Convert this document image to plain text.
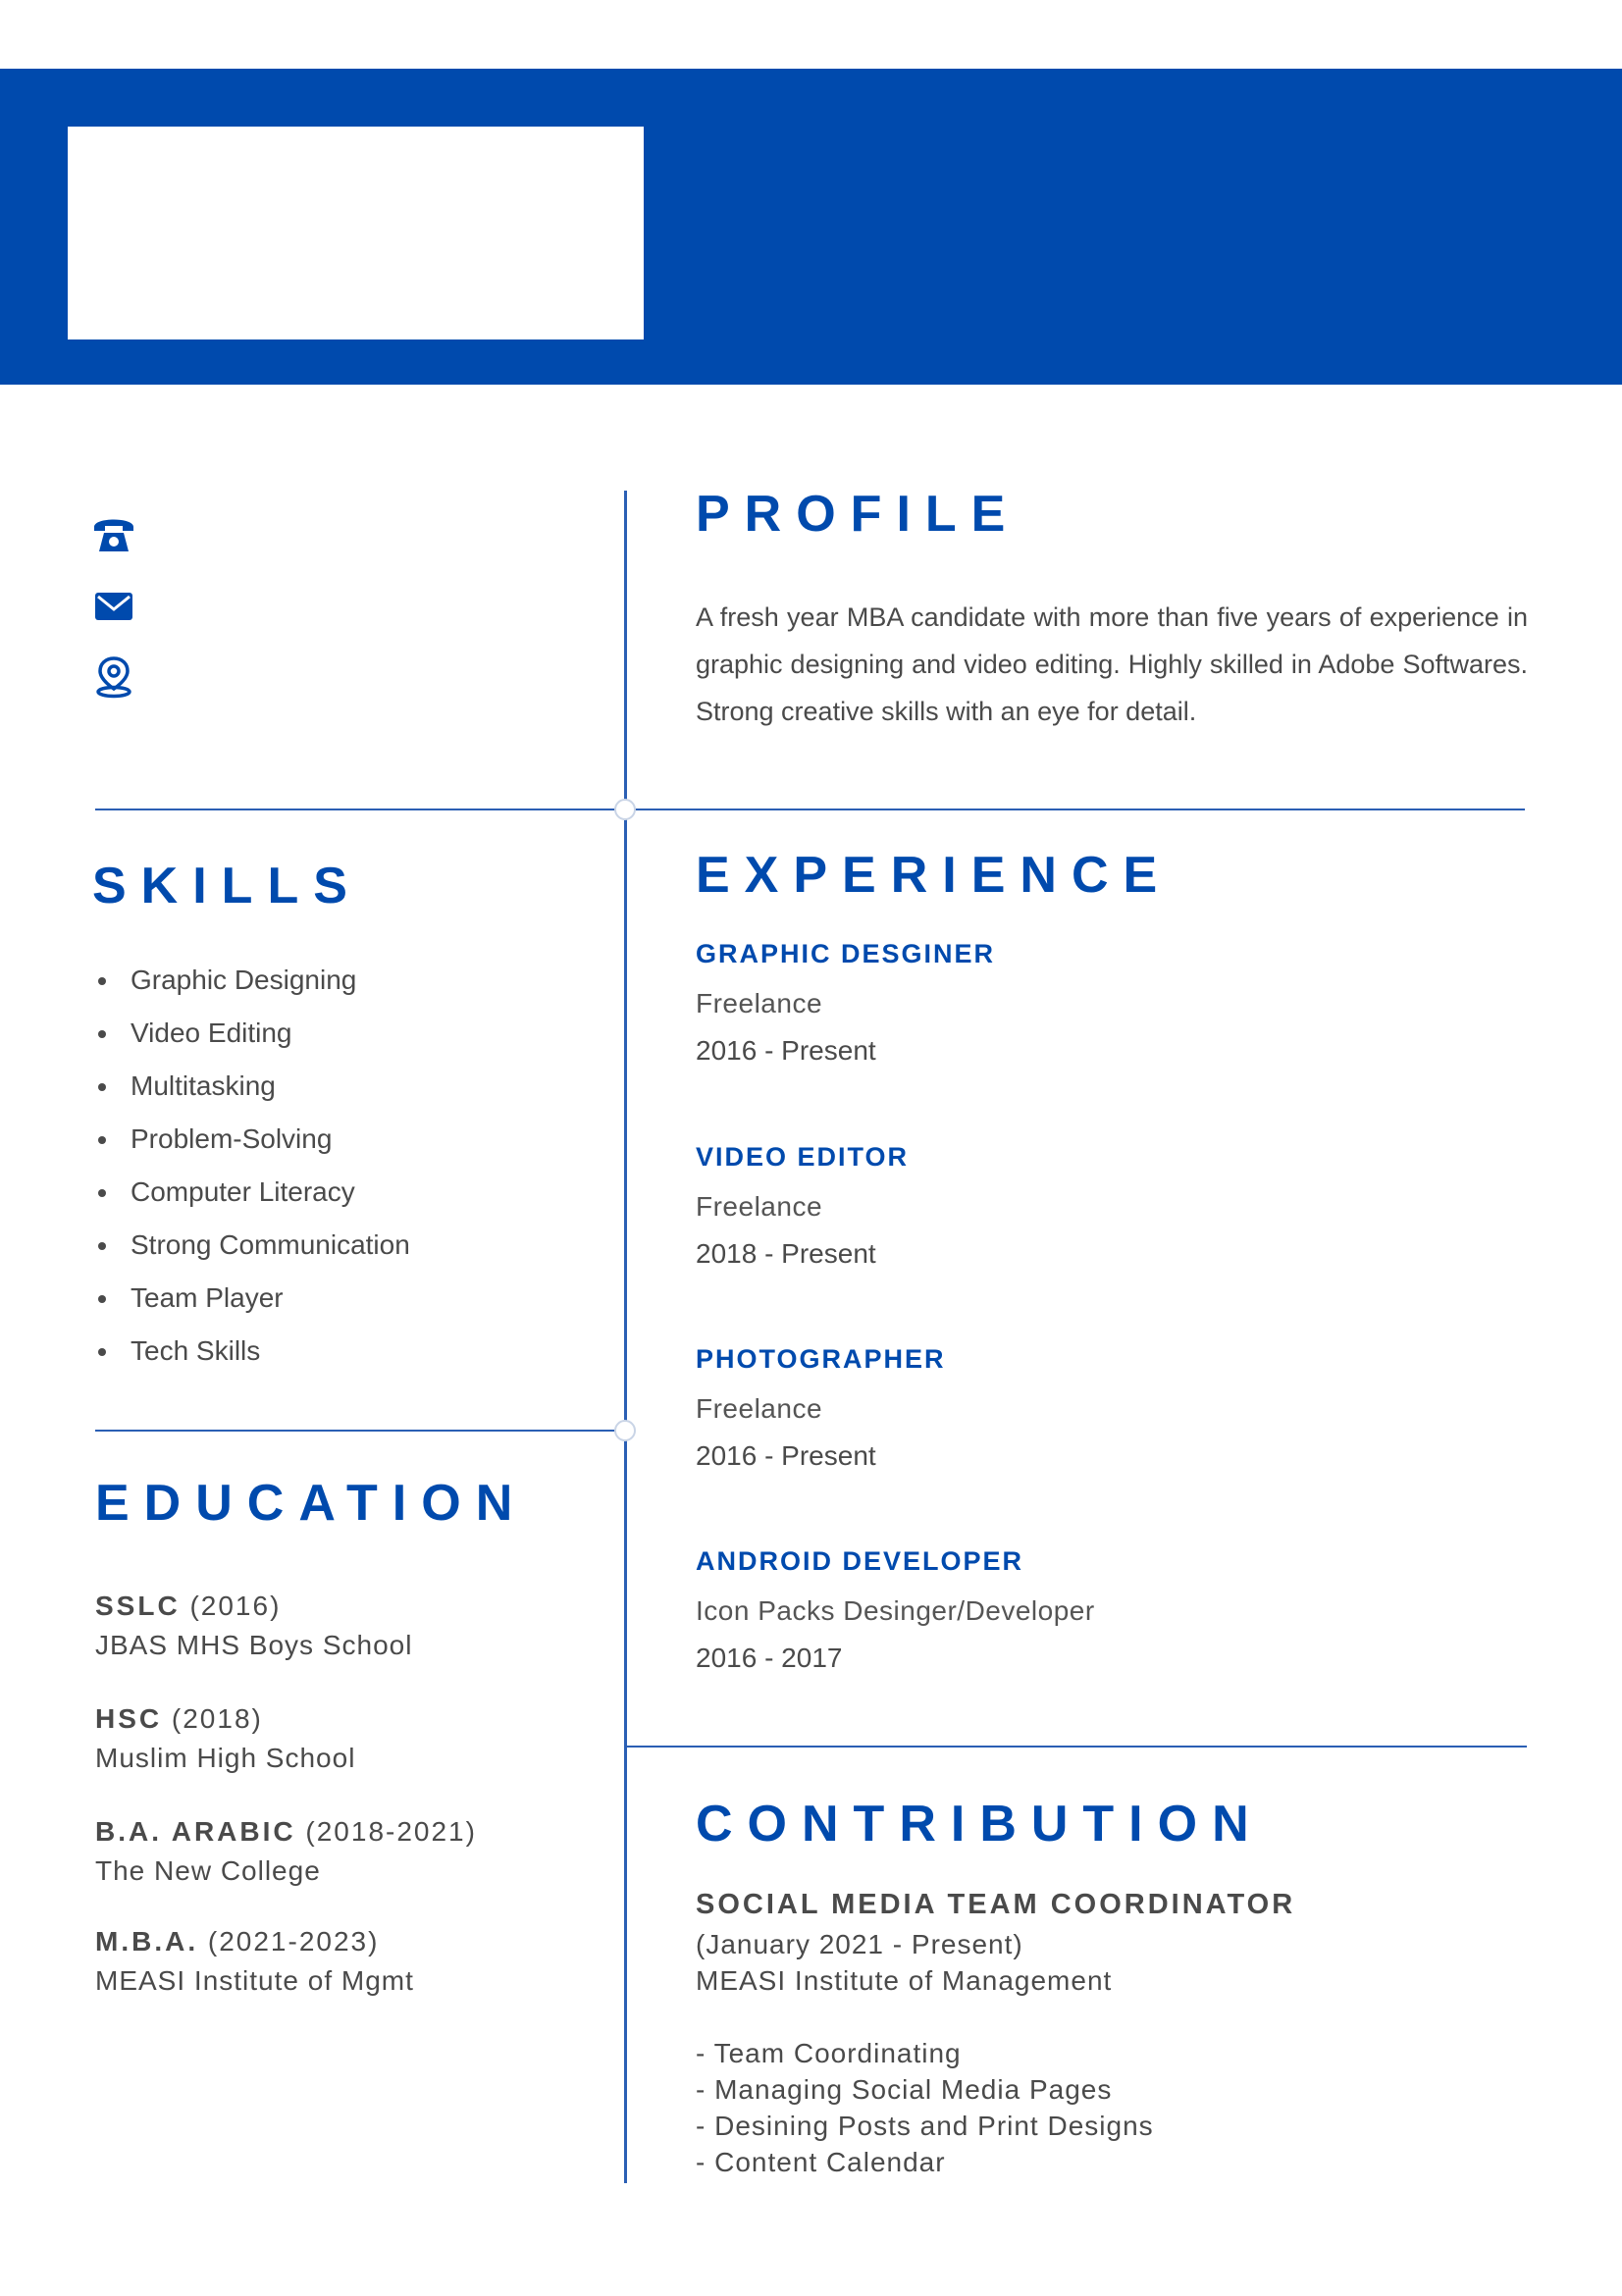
PROFILE
A fresh year MBA candidate with more than five years of experience in graphic designing and video editing. Highly skilled in Adobe Softwares. Strong creative skills with an eye for detail.
SKILLS
Graphic Designing
Video Editing
Multitasking
Problem-Solving
Computer Literacy
Strong Communication
Team Player
Tech Skills
EDUCATION
SSLC (2016)
JBAS MHS Boys School
HSC (2018)
Muslim High School
B.A. ARABIC (2018-2021)
The New College
M.B.A. (2021-2023)
MEASI Institute of Mgmt
EXPERIENCE
GRAPHIC DESGINER
Freelance
2016 - Present
VIDEO EDITOR
Freelance
2018 - Present
PHOTOGRAPHER
Freelance
2016 - Present
ANDROID DEVELOPER
Icon Packs Desinger/Developer
2016 - 2017
CONTRIBUTION
SOCIAL MEDIA TEAM COORDINATOR
(January 2021 - Present)
MEASI Institute of Management
- Team Coordinating
- Managing Social Media Pages
- Desining Posts and Print Designs
- Content Calendar
